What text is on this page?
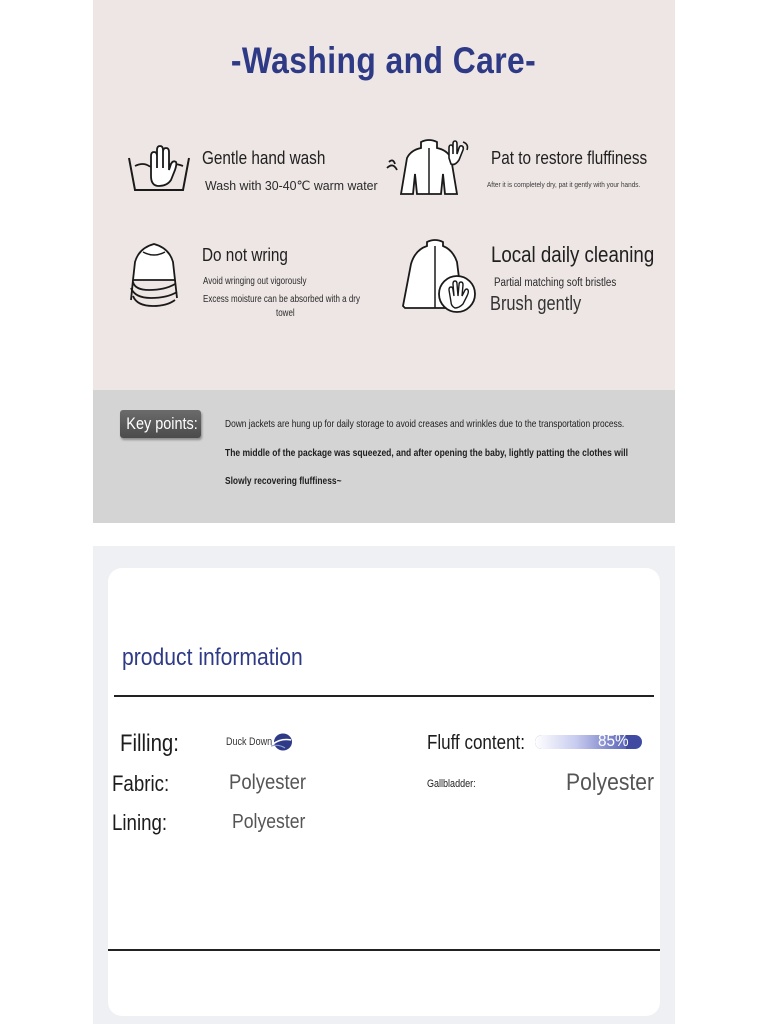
-Washing and Care-
Gentle hand wash
Wash with 30-40℃ warm water
Pat to restore fluffiness
After it is completely dry, pat it gently with your hands.
Do not wring
Avoid wringing out vigorously
Excess moisture can be absorbed with a dry
towel
Local daily cleaning
Partial matching soft bristles
Brush gently
Key points:	Down jackets are hung up for daily storage to avoid creases and wrinkles due to the transportation process.
The middle of the package was squeezed, and after opening the baby, lightly patting the clothes will
Slowly recovering fluffiness~
product information
Filling:	Duck Down	Fluff content:	85%
Fabric:	Polyester	Gallbladder:	Polyester
Lining:	Polyester
